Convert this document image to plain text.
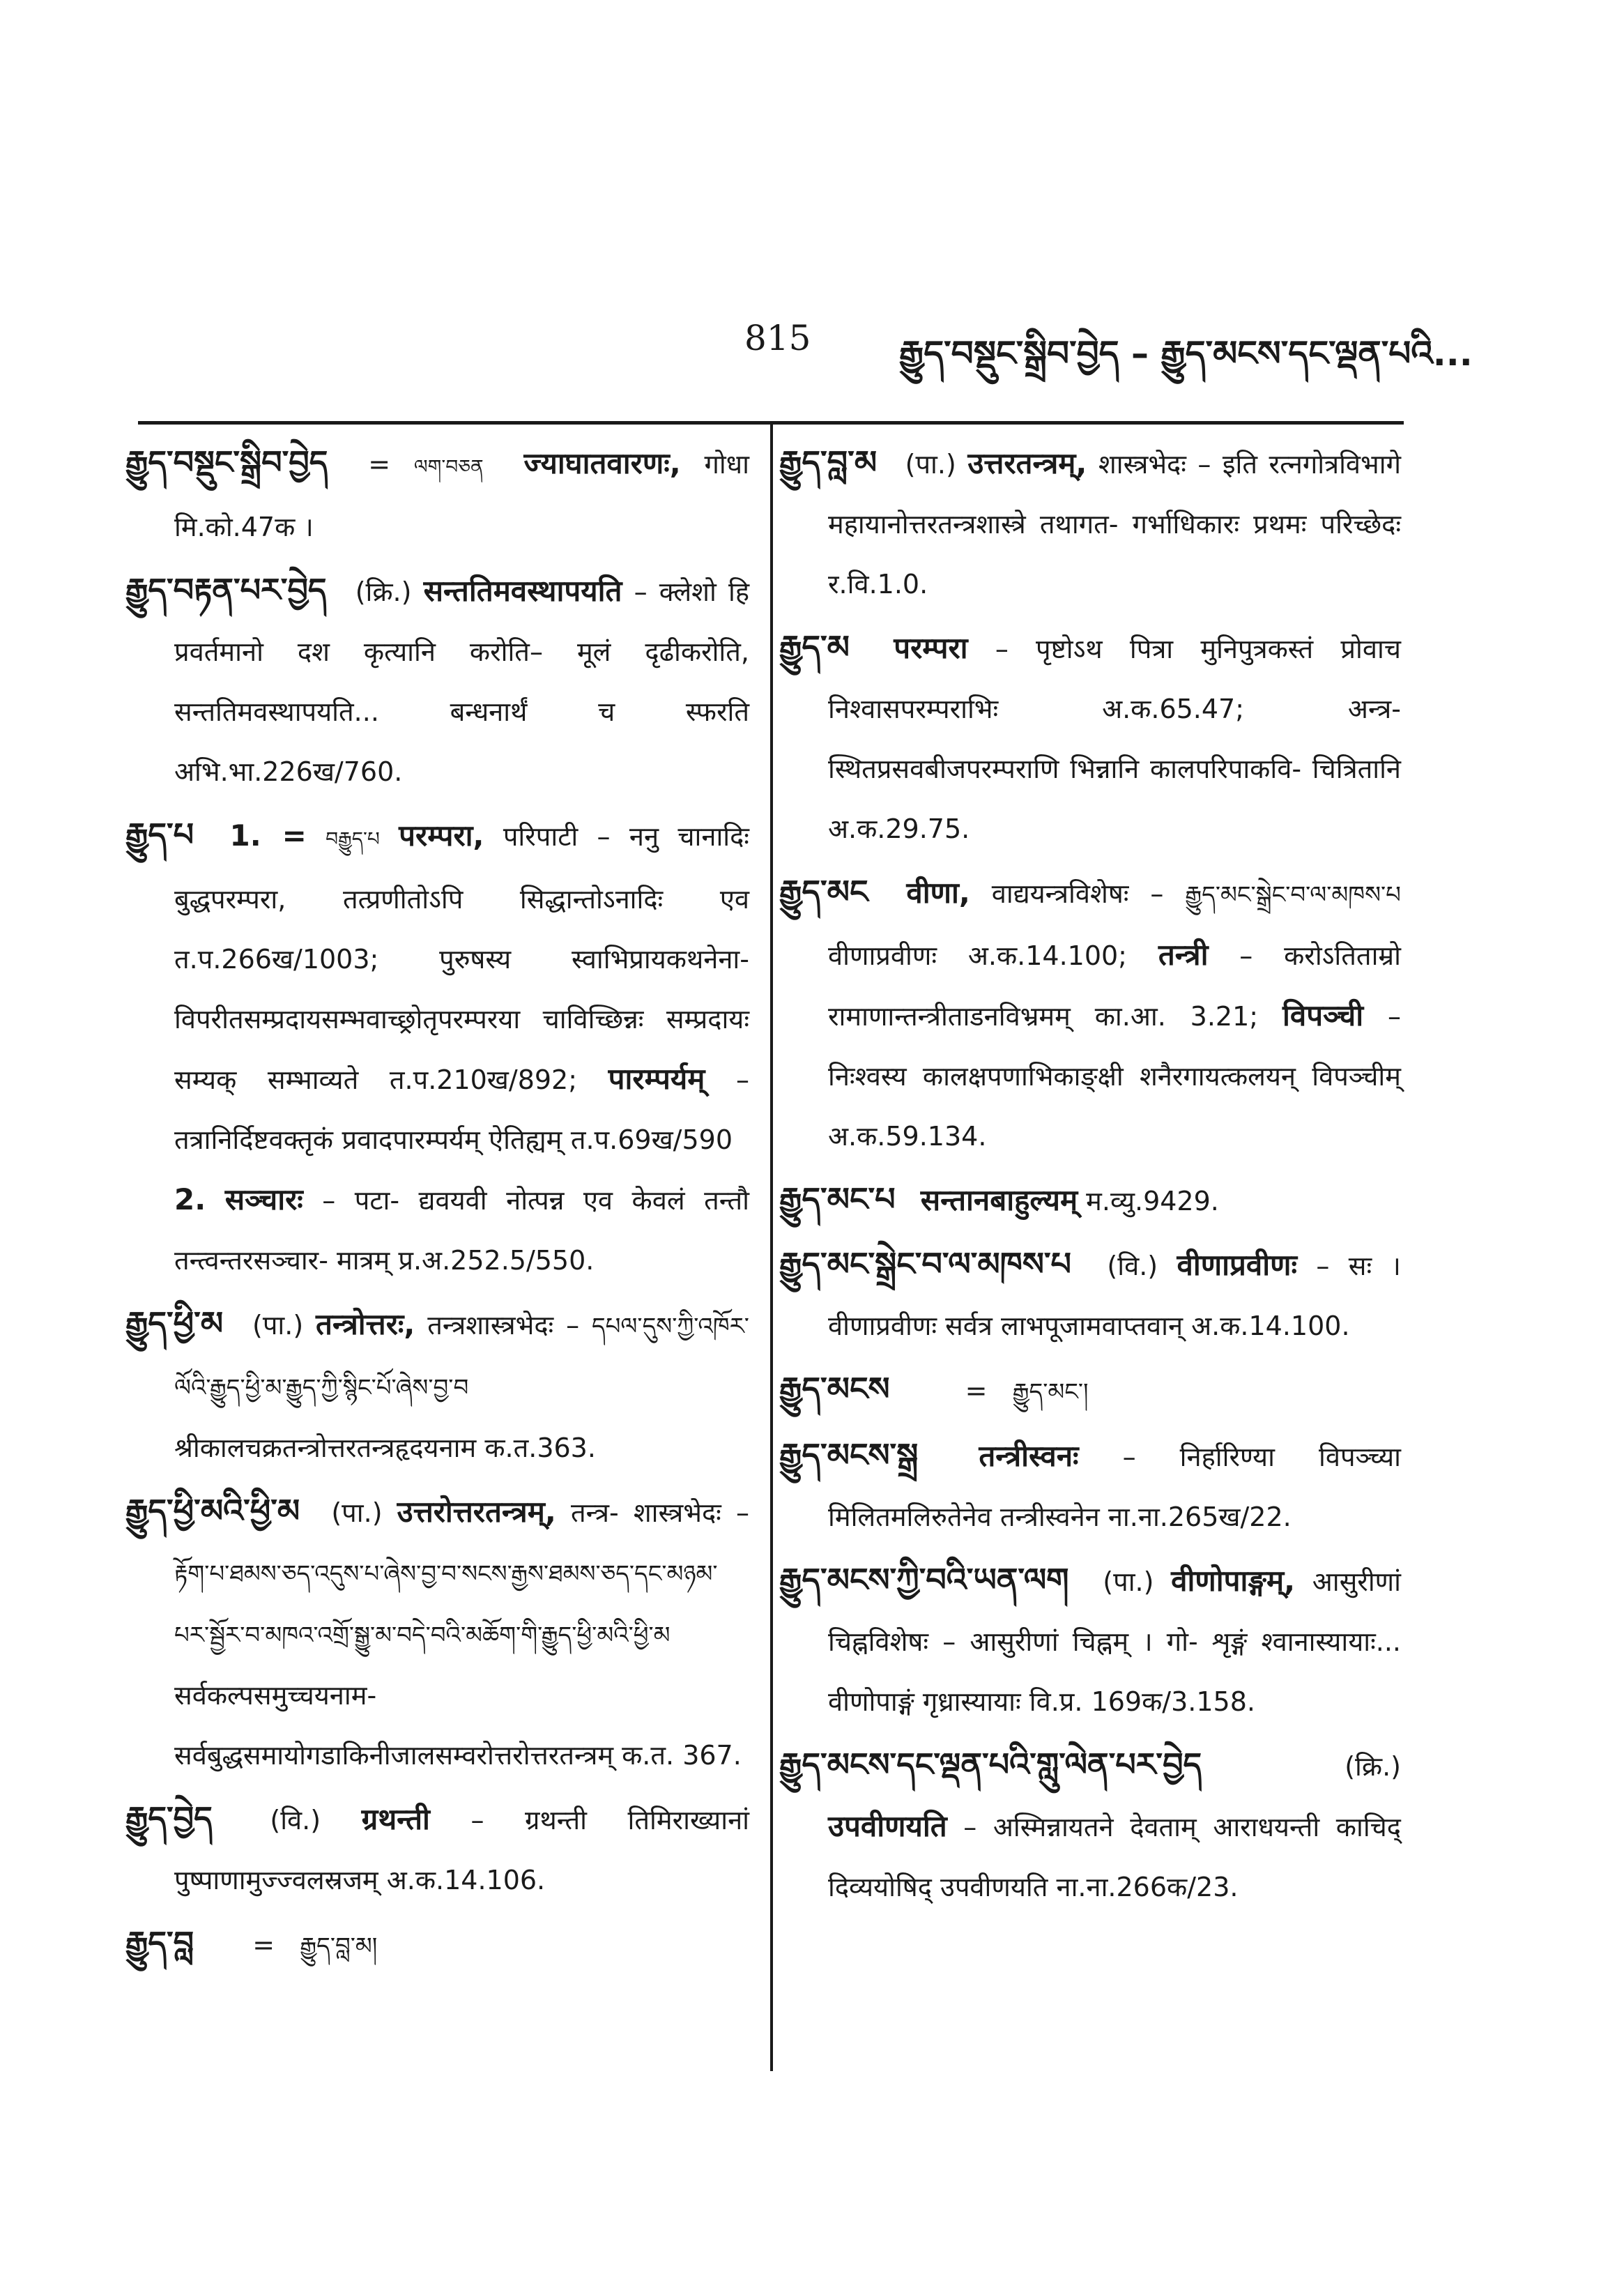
815	རྒྱུད་བསྡུང་སྒྲིབ་བྱེད – རྒྱུད་མངས་དང་ལྡན་པའི...
རྒྱུད་བསྡུང་སྒྲིབ་བྱེད = ལག་བཅན ज्याघातवारणः, गोधा मि.को.47क ।
རྒྱུད་བརྟན་པར་བྱེད (क्रि.) सन्ततिमवस्थापयति – क्लेशो हि प्रवर्तमानो दश कृत्यानि करोति– मूलं दृढीकरोति, सन्ततिमवस्थापयति... बन्धनार्थं च स्फरति अभि.भा.226ख/760.
རྒྱུད་པ 1. = བརྒྱུད་པ परम्परा, परिपाटी – ननु चानादिः बुद्धपरम्परा, तत्प्रणीतोऽपि सिद्धान्तोऽनादिः एव त.प.266ख/1003; पुरुषस्य स्वाभिप्रायकथनेना- विपरीतसम्प्रदायसम्भवाच्छ्रोतृपरम्परया चाविच्छिन्नः सम्प्रदायः सम्यक् सम्भाव्यते त.प.210ख/892; पारम्पर्यम् – तत्रानिर्दिष्टवक्तृकं प्रवादपारम्पर्यम् ऐतिह्यम् त.प.69ख/590 2. सञ्चारः – पटा- द्यवयवी नोत्पन्न एव केवलं तन्तौ तन्त्वन्तरसञ्चार- मात्रम् प्र.अ.252.5/550.
རྒྱུད་ཕྱི་མ (पा.) तन्त्रोत्तरः, तन्त्रशास्त्रभेदः – དཔལ་དུས་ཀྱི་འཁོར་ལོའི་རྒྱུད་ཕྱི་མ་རྒྱུད་ཀྱི་སྙིང་པོ་ཞེས་བྱ་བ श्रीकालचक्रतन्त्रोत्तरतन्त्रहृदयनाम क.त.363.
རྒྱུད་ཕྱི་མའི་ཕྱི་མ (पा.) उत्तरोत्तरतन्त्रम्, तन्त्र- शास्त्रभेदः – རྟོག་པ་ཐམས་ཅད་འདུས་པ་ཞེས་བྱ་བ་སངས་རྒྱས་ཐམས་ཅད་དང་མཉམ་པར་སྦྱོར་བ་མཁའ་འགྲོ་སྒྱུ་མ་བདེ་བའི་མཆོག་གི་རྒྱུད་ཕྱི་མའི་ཕྱི་མ सर्वकल्पसमुच्चयनाम- सर्वबुद्धसमायोगडाकिनीजालसम्वरोत्तरोत्तरतन्त्रम् क.त. 367.
རྒྱུད་བྱེད (वि.) ग्रथन्ती – ग्रथन्ती तिमिराख्यानां पुष्पाणामुज्ज्वलस्रजम् अ.क.14.106.
རྒྱུད་བླ = རྒྱུད་བླ་མ།
རྒྱུད་བླ་མ (पा.) उत्तरतन्त्रम्, शास्त्रभेदः – इति रत्नगोत्रविभागे महायानोत्तरतन्त्रशास्त्रे तथागत- गर्भाधिकारः प्रथमः परिच्छेदः र.वि.1.0.
རྒྱུད་མ परम्परा – पृष्टोऽथ पित्रा मुनिपुत्रकस्तं प्रोवाच निश्वासपरम्पराभिः अ.क.65.47; अन्त्र- स्थितप्रसवबीजपरम्पराणि भिन्नानि कालपरिपाकवि- चित्रितानि अ.क.29.75.
རྒྱུད་མང वीणा, वाद्ययन्त्रविशेषः – རྒྱུད་མང་སྒྲེང་བ་ལ་མཁས་པ वीणाप्रवीणः अ.क.14.100; तन्त्री – करोऽतिताम्रो रामाणान्तन्त्रीताडनविभ्रमम् का.आ. 3.21; विपञ्ची – निःश्वस्य कालक्षपणाभिकाङ्क्षी शनैरगायत्कलयन् विपञ्चीम् अ.क.59.134.
རྒྱུད་མང་པ सन्तानबाहुल्यम् म.व्यु.9429.
རྒྱུད་མང་སྒྲེང་བ་ལ་མཁས་པ (वि.) वीणाप्रवीणः – सः । वीणाप्रवीणः सर्वत्र लाभपूजामवाप्तवान् अ.क.14.100.
རྒྱུད་མངས	= རྒྱུད་མང་།
རྒྱུད་མངས་སྒྲ तन्त्रीस्वनः – निर्हारिण्या विपञ्च्या मिलितमलिरुतेनेव तन्त्रीस्वनेन ना.ना.265ख/22.
རྒྱུད་མངས་ཀྱི་བའི་ཡན་ལག (पा.) वीणोपाङ्गम्, आसुरीणां चिह्नविशेषः – आसुरीणां चिह्नम् । गो- शृङ्गं श्वानास्यायाः... वीणोपाङ्गं गृध्रास्यायाः वि.प्र. 169क/3.158.
རྒྱུད་མངས་དང་ལྡན་པའི་གླུ་ལེན་པར་བྱེད	(क्रि.) उपवीणयति – अस्मिन्नायतने देवताम् आराधयन्ती काचिद् दिव्ययोषिद् उपवीणयति ना.ना.266क/23.
